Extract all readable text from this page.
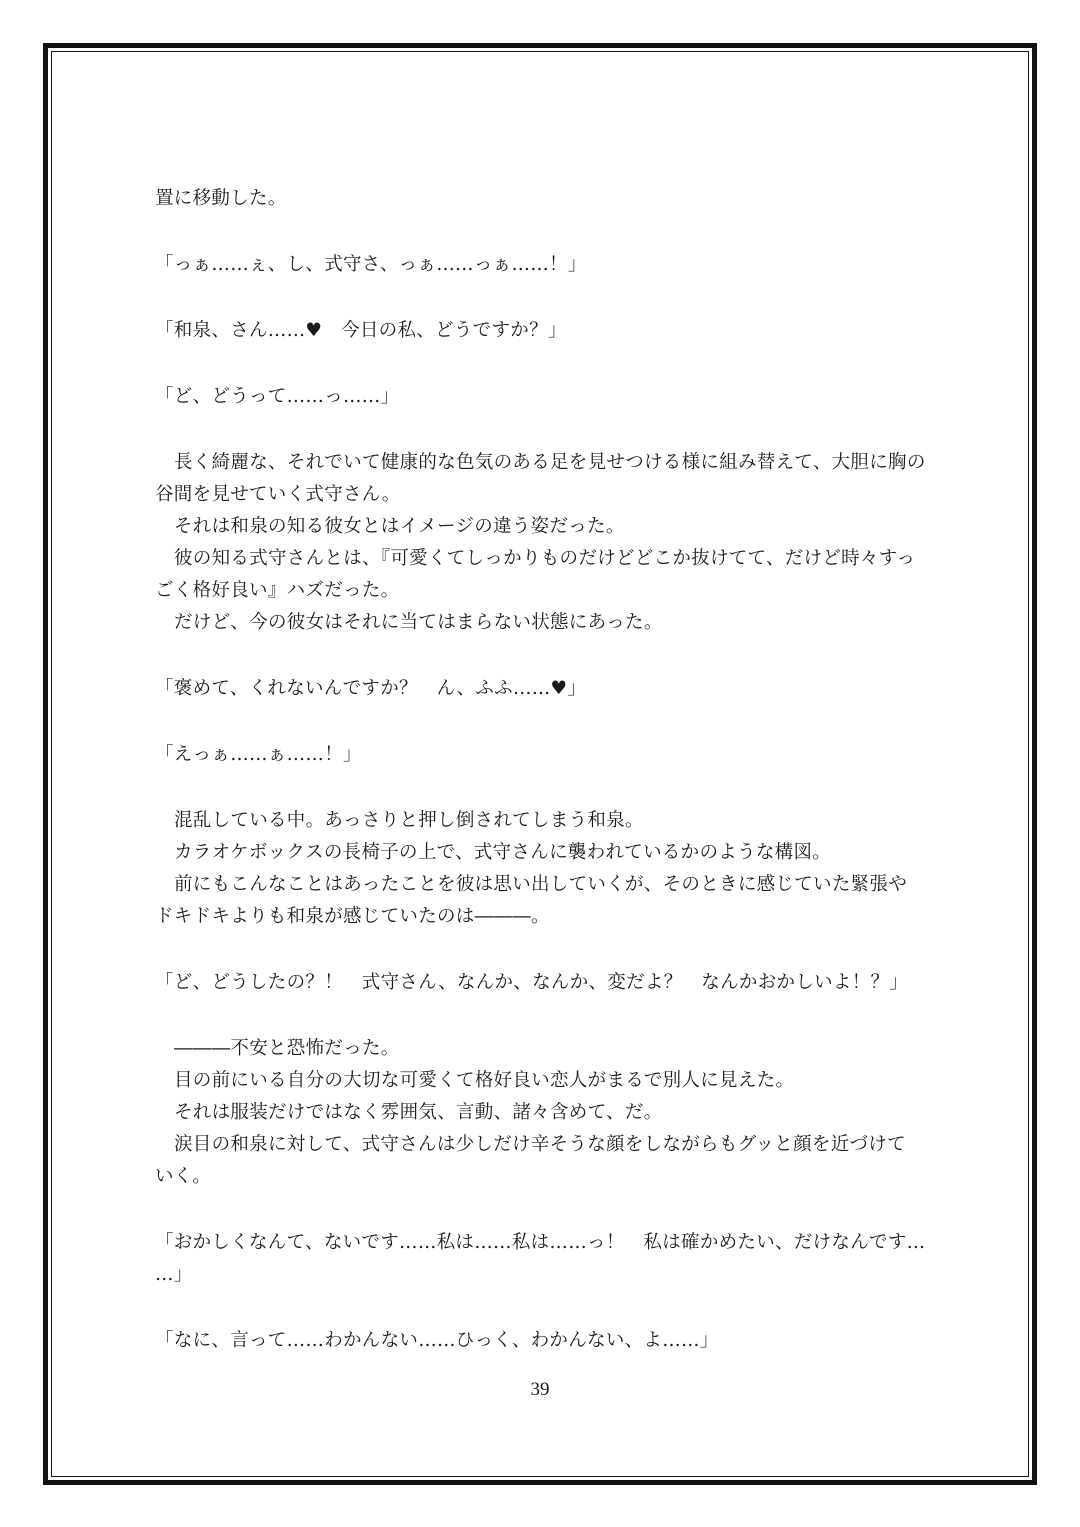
置に移動した。
「っぁ……ぇ、し、式守さ、っぁ……っぁ……！」
「和泉、さん……♥　今日の私、どうですか？」
「ど、どうって……っ……」
長く綺麗な、それでいて健康的な色気のある足を見せつける様に組み替えて、大胆に胸の
谷間を見せていく式守さん。
それは和泉の知る彼女とはイメージの違う姿だった。
彼の知る式守さんとは、『可愛くてしっかりものだけどどこか抜けてて、だけど時々すっ
ごく格好良い』ハズだった。
だけど、今の彼女はそれに当てはまらない状態にあった。
「褒めて、くれないんですか？　ん、ふふ……♥」
「えっぁ……ぁ……！」
混乱している中。あっさりと押し倒されてしまう和泉。
カラオケボックスの長椅子の上で、式守さんに襲われているかのような構図。
前にもこんなことはあったことを彼は思い出していくが、そのときに感じていた緊張や
ドキドキよりも和泉が感じていたのは―――。
「ど、どうしたの？！　式守さん、なんか、なんか、変だよ？　なんかおかしいよ！？」
―――不安と恐怖だった。
目の前にいる自分の大切な可愛くて格好良い恋人がまるで別人に見えた。
それは服装だけではなく雰囲気、言動、諸々含めて、だ。
涙目の和泉に対して、式守さんは少しだけ辛そうな顔をしながらもグッと顔を近づけて
いく。
「おかしくなんて、ないです……私は……私は……っ！　私は確かめたい、だけなんです…
…」
「なに、言って……わかんない……ひっく、わかんない、よ……」
39
